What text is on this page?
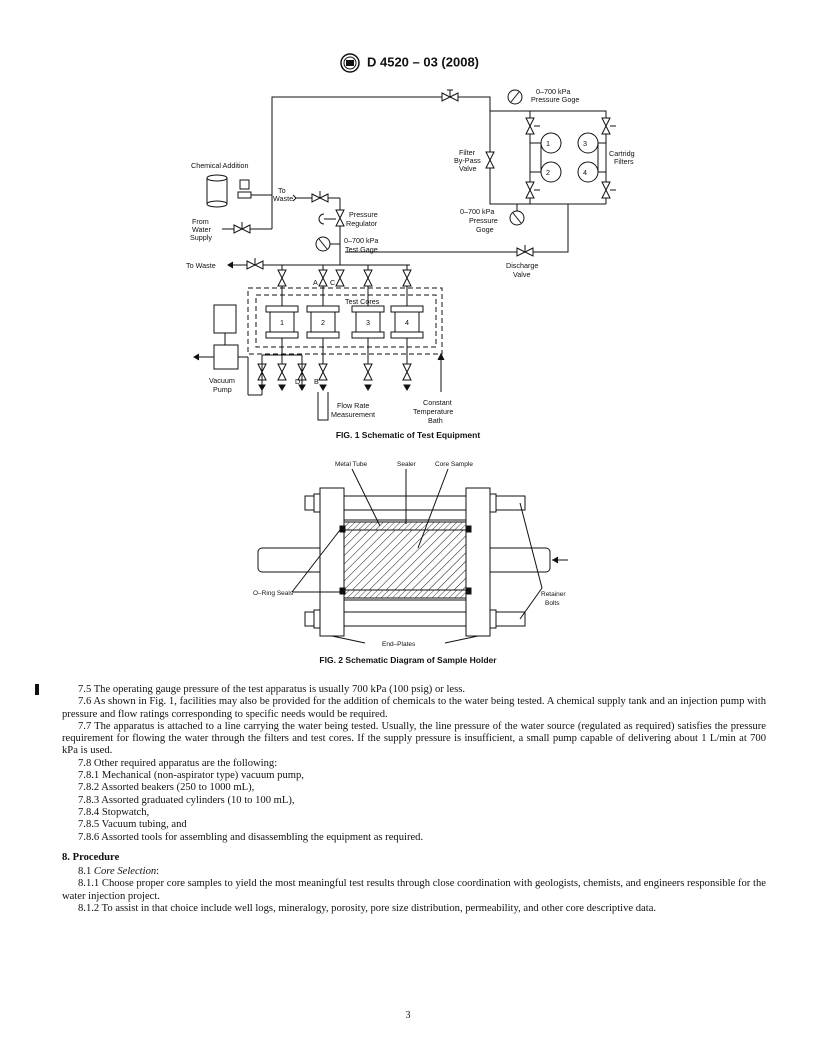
D 4520 – 03 (2008)
0–700 kPa
Pressure Goge
1	3
2	4
Cartridg
Filters
Filter
By-Pass
Valve
Chemical Addition
To
Waste
From
Water
Supply
Pressure
Regulator
0–700 kPa
Test Gage
0–700 kPa
Pressure
Goge
Discharge
Valve
To Waste
A C
Test Cores
1	2	3	4
D B
Vacuum
Pump
Flow Rate
Measurement
Constant
Temperature
Bath
FIG. 1 Schematic of Test Equipment
Metal Tube	Sealer	Core Sample
O–Ring Seals	Retainer
Bolts
End–Plates
FIG. 2 Schematic Diagram of Sample Holder

7.5 The operating gauge pressure of the test apparatus is usually 700 kPa (100 psig) or less.

7.6 As shown in Fig. 1, facilities may also be provided for the addition of chemicals to the water being tested. A chemical supply tank and an injection pump with pressure and flow ratings corresponding to specific needs would be required.

7.7 The apparatus is attached to a line carrying the water being tested. Usually, the line pressure of the water source (regulated as required) satisfies the pressure requirement for flowing the water through the filters and test cores. If the supply pressure is insufficient, a small pump capable of delivering about 1 L/min at 700 kPa is used.

7.8 Other required apparatus are the following:

7.8.1 Mechanical (non-aspirator type) vacuum pump,

7.8.2 Assorted beakers (250 to 1000 mL),

7.8.3 Assorted graduated cylinders (10 to 100 mL),

7.8.4 Stopwatch,

7.8.5 Vacuum tubing, and

7.8.6 Assorted tools for assembling and disassembling the equipment as required.

8. Procedure

8.1 Core Selection:

8.1.1 Choose proper core samples to yield the most meaningful test results through close coordination with geologists, chemists, and engineers responsible for the water injection project.

8.1.2 To assist in that choice include well logs, mineralogy, porosity, pore size distribution, permeability, and other core descriptive data.

3
